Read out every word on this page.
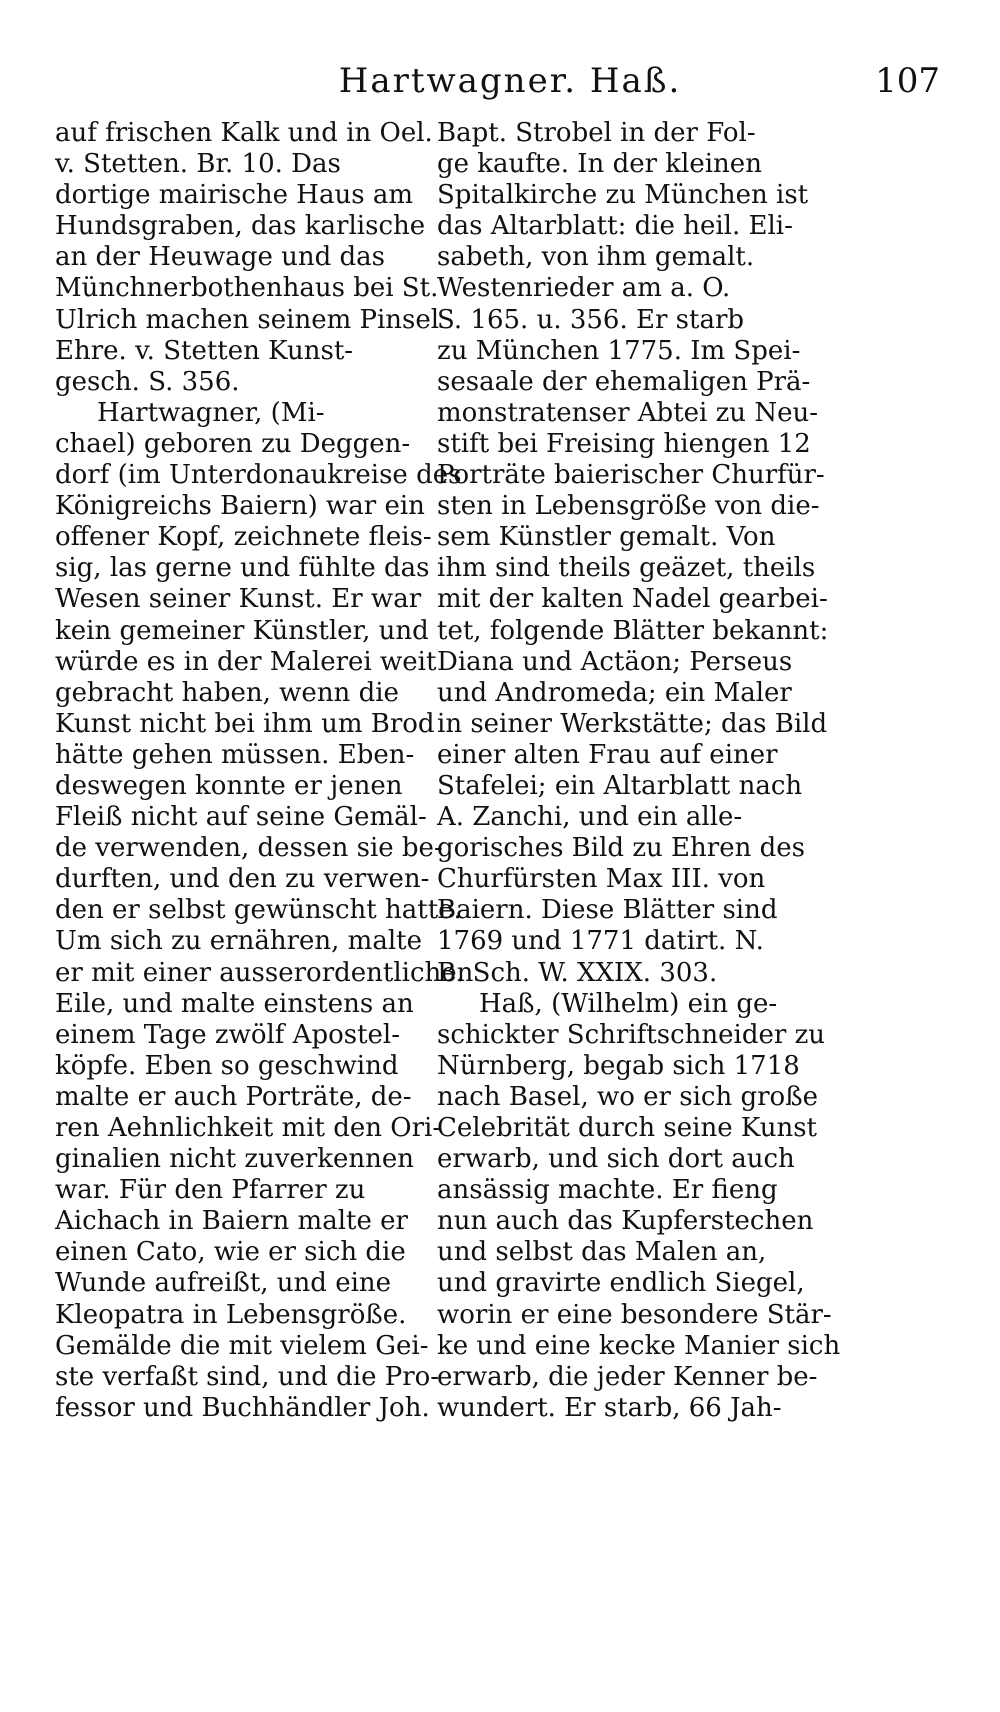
Hartwagner. Haß.	107
auf frischen Kalk und in Oel.
v. Stetten. Br. 10. Das
dortige mairische Haus am
Hundsgraben, das karlische
an der Heuwage und das
Münchnerbothenhaus bei St.
Ulrich machen seinem Pinsel
Ehre. v. Stetten Kunst-
gesch. S. 356.
Hartwagner, (Mi-
chael) geboren zu Deggen-
dorf (im Unterdonaukreise des
Königreichs Baiern) war ein
offener Kopf, zeichnete fleis-
sig, las gerne und fühlte das
Wesen seiner Kunst. Er war
kein gemeiner Künstler, und
würde es in der Malerei weit
gebracht haben, wenn die
Kunst nicht bei ihm um Brod
hätte gehen müssen. Eben-
deswegen konnte er jenen
Fleiß nicht auf seine Gemäl-
de verwenden, dessen sie be-
durften, und den zu verwen-
den er selbst gewünscht hatte.
Um sich zu ernähren, malte
er mit einer ausserordentlichen
Eile, und malte einstens an
einem Tage zwölf Apostel-
köpfe. Eben so geschwind
malte er auch Porträte, de-
ren Aehnlichkeit mit den Ori-
ginalien nicht zuverkennen
war. Für den Pfarrer zu
Aichach in Baiern malte er
einen Cato, wie er sich die
Wunde aufreißt, und eine
Kleopatra in Lebensgröße.
Gemälde die mit vielem Gei-
ste verfaßt sind, und die Pro-
fessor und Buchhändler Joh.
Bapt. Strobel in der Fol-
ge kaufte. In der kleinen
Spitalkirche zu München ist
das Altarblatt: die heil. Eli-
sabeth, von ihm gemalt.
Westenrieder am a. O.
S. 165. u. 356. Er starb
zu München 1775. Im Spei-
sesaale der ehemaligen Prä-
monstratenser Abtei zu Neu-
stift bei Freising hiengen 12
Porträte baierischer Churfür-
sten in Lebensgröße von die-
sem Künstler gemalt. Von
ihm sind theils geäzet, theils
mit der kalten Nadel gearbei-
tet, folgende Blätter bekannt:
Diana und Actäon; Perseus
und Andromeda; ein Maler
in seiner Werkstätte; das Bild
einer alten Frau auf einer
Stafelei; ein Altarblatt nach
A. Zanchi, und ein alle-
gorisches Bild zu Ehren des
Churfürsten Max III. von
Baiern. Diese Blätter sind
1769 und 1771 datirt. N.
B. Sch. W. XXIX. 303.
Haß, (Wilhelm) ein ge-
schickter Schriftschneider zu
Nürnberg, begab sich 1718
nach Basel, wo er sich große
Celebrität durch seine Kunst
erwarb, und sich dort auch
ansässig machte. Er fieng
nun auch das Kupferstechen
und selbst das Malen an,
und gravirte endlich Siegel,
worin er eine besondere Stär-
ke und eine kecke Manier sich
erwarb, die jeder Kenner be-
wundert. Er starb, 66 Jah-
